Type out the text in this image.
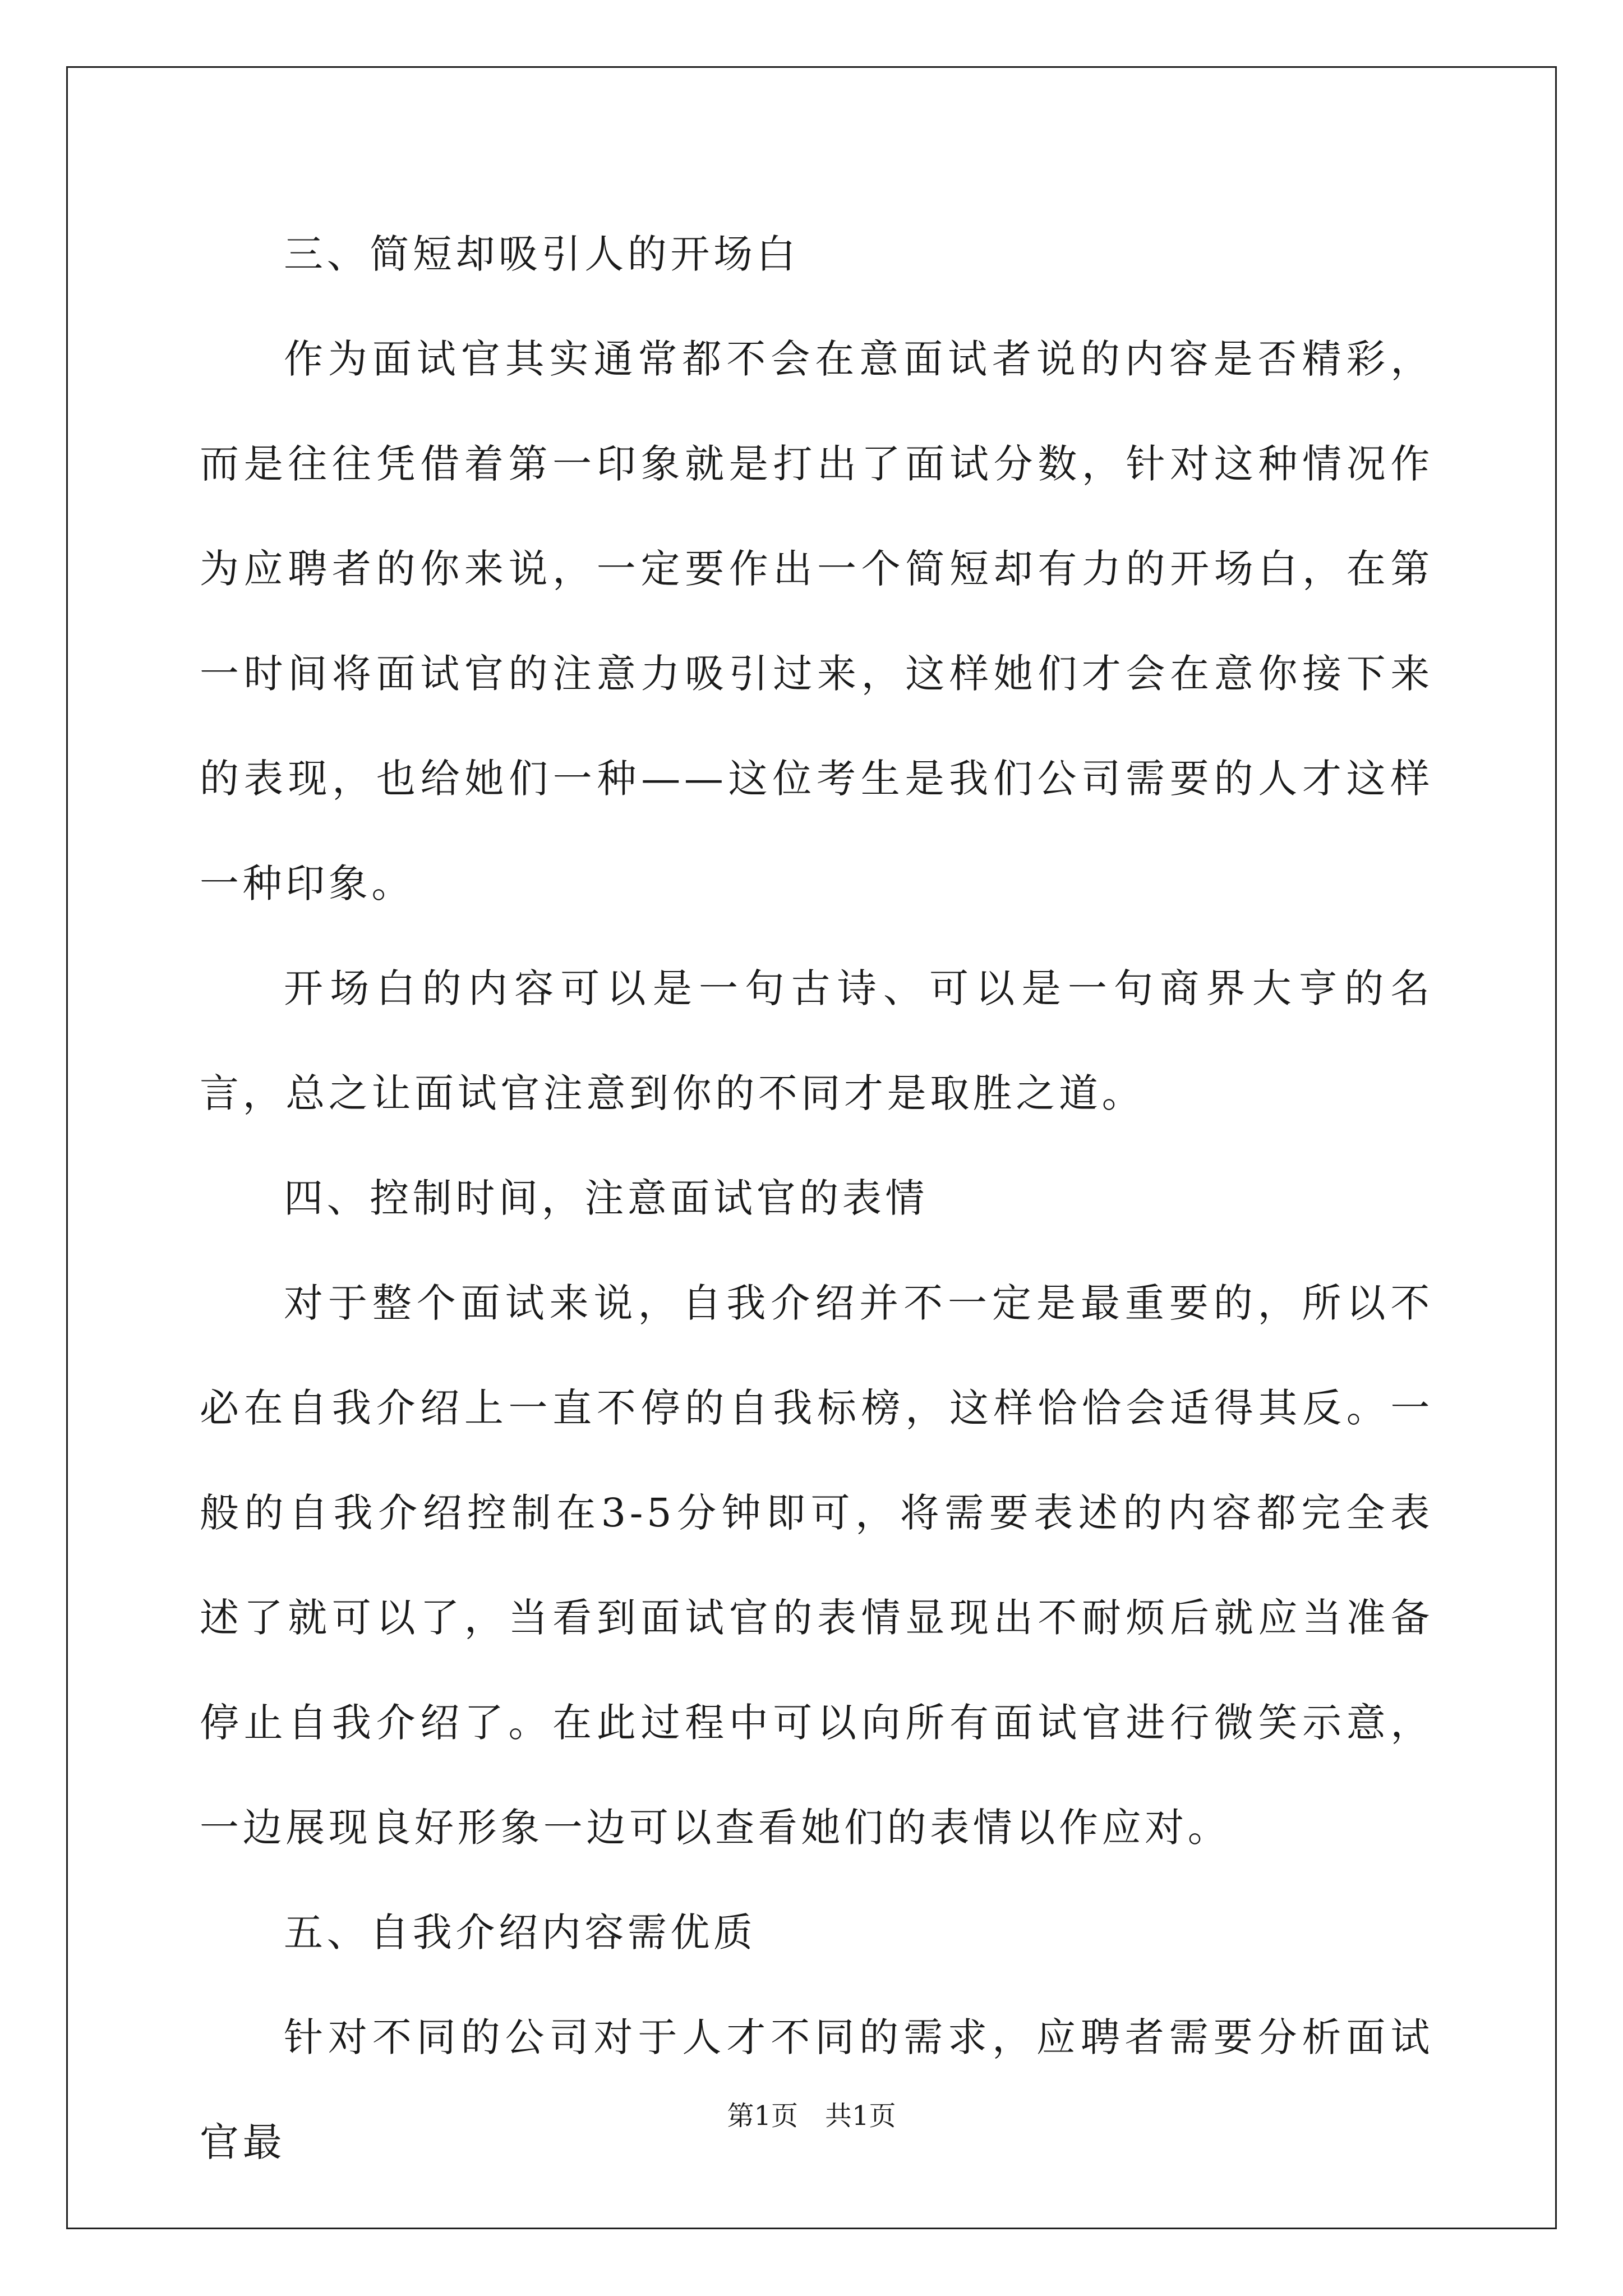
三、简短却吸引人的开场白

作为面试官其实通常都不会在意面试者说的内容是否精彩，而是往往凭借着第一印象就是打出了面试分数，针对这种情况作为应聘者的你来说，一定要作出一个简短却有力的开场白，在第一时间将面试官的注意力吸引过来，这样她们才会在意你接下来的表现，也给她们一种——这位考生是我们公司需要的人才这样一种印象。

开场白的内容可以是一句古诗、可以是一句商界大亨的名言，总之让面试官注意到你的不同才是取胜之道。

四、控制时间，注意面试官的表情

对于整个面试来说，自我介绍并不一定是最重要的，所以不必在自我介绍上一直不停的自我标榜，这样恰恰会适得其反。一般的自我介绍控制在3-5分钟即可，将需要表述的内容都完全表述了就可以了，当看到面试官的表情显现出不耐烦后就应当准备停止自我介绍了。在此过程中可以向所有面试官进行微笑示意，一边展现良好形象一边可以查看她们的表情以作应对。

五、自我介绍内容需优质

针对不同的公司对于人才不同的需求，应聘者需要分析面试官最

第1页 共1页
